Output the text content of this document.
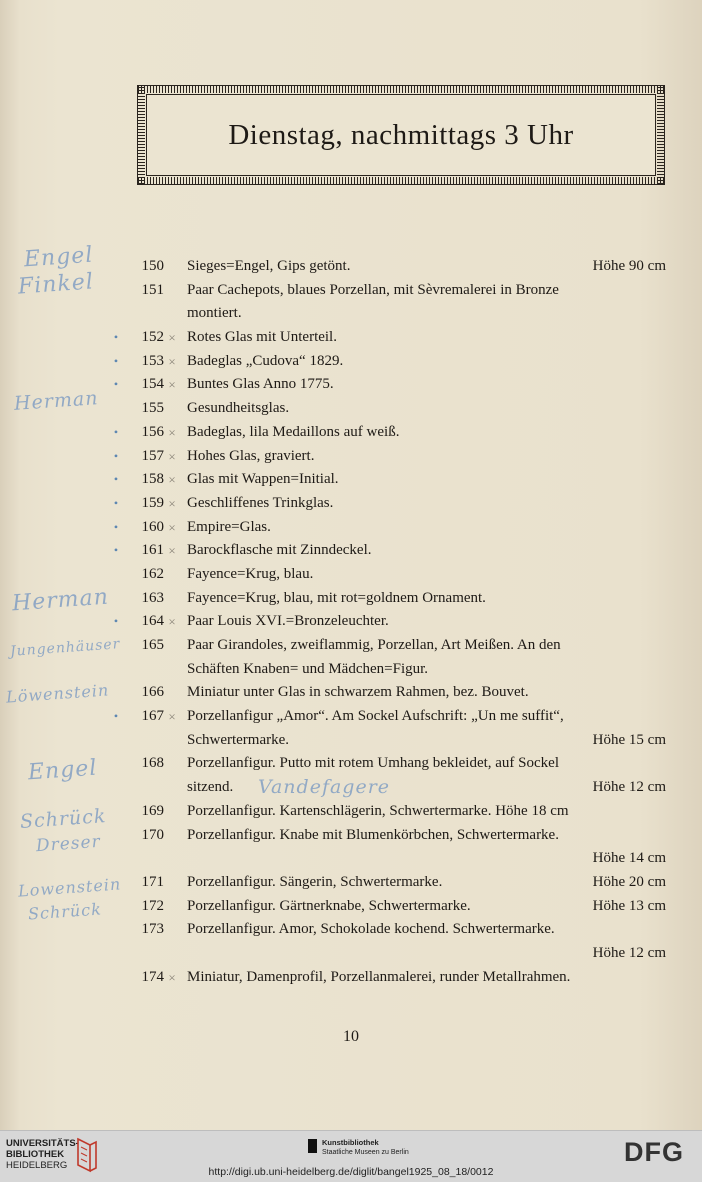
Dienstag, nachmittags 3 Uhr
Engel
Finkel
Herman
Herman
Jungenhäuser
Löwenstein
Engel
Vandefagere
Schrück
Dreser
Lowenstein
Schrück
150 Sieges=Engel, Gips getönt.	Höhe 90 cm
151 Paar Cachepots, blaues Porzellan, mit Sèvremalerei in Bronze
montiert.
•	152 × Rotes Glas mit Unterteil.
•	153 × Badeglas „Cudova“ 1829.
•	154 × Buntes Glas Anno 1775.
155 Gesundheitsglas.
•	156 × Badeglas, lila Medaillons auf weiß.
•	157 × Hohes Glas, graviert.
•	158 × Glas mit Wappen=Initial.
•	159 × Geschliffenes Trinkglas.
•	160 × Empire=Glas.
•	161 × Barockflasche mit Zinndeckel.
162 Fayence=Krug, blau.
163 Fayence=Krug, blau, mit rot=goldnem Ornament.
•	164 × Paar Louis XVI.=Bronzeleuchter.
165 Paar Girandoles, zweiflammig, Porzellan, Art Meißen. An den
Schäften Knaben= und Mädchen=Figur.
166 Miniatur unter Glas in schwarzem Rahmen, bez. Bouvet.
•	167 × Porzellanfigur „Amor“. Am Sockel Aufschrift: „Un me suffit“,
Schwertermarke.	Höhe 15 cm
168 Porzellanfigur. Putto mit rotem Umhang bekleidet, auf Sockel
sitzend.	Höhe 12 cm
169 Porzellanfigur. Kartenschlägerin, Schwertermarke. Höhe 18 cm
170 Porzellanfigur. Knabe mit Blumenkörbchen, Schwertermarke.
Höhe 14 cm
171 Porzellanfigur. Sängerin, Schwertermarke.	Höhe 20 cm
172 Porzellanfigur. Gärtnerknabe, Schwertermarke.	Höhe 13 cm
173 Porzellanfigur. Amor, Schokolade kochend. Schwertermarke.
Höhe 12 cm
174 × Miniatur, Damenprofil, Porzellanmalerei, runder Metallrahmen.
10
UNIVERSITÄTS-
BIBLIOTHEK
HEIDELBERG
Kunstbibliothek
Staatliche Museen zu Berlin	DFG
http://digi.ub.uni-heidelberg.de/diglit/bangel1925_08_18/0012
